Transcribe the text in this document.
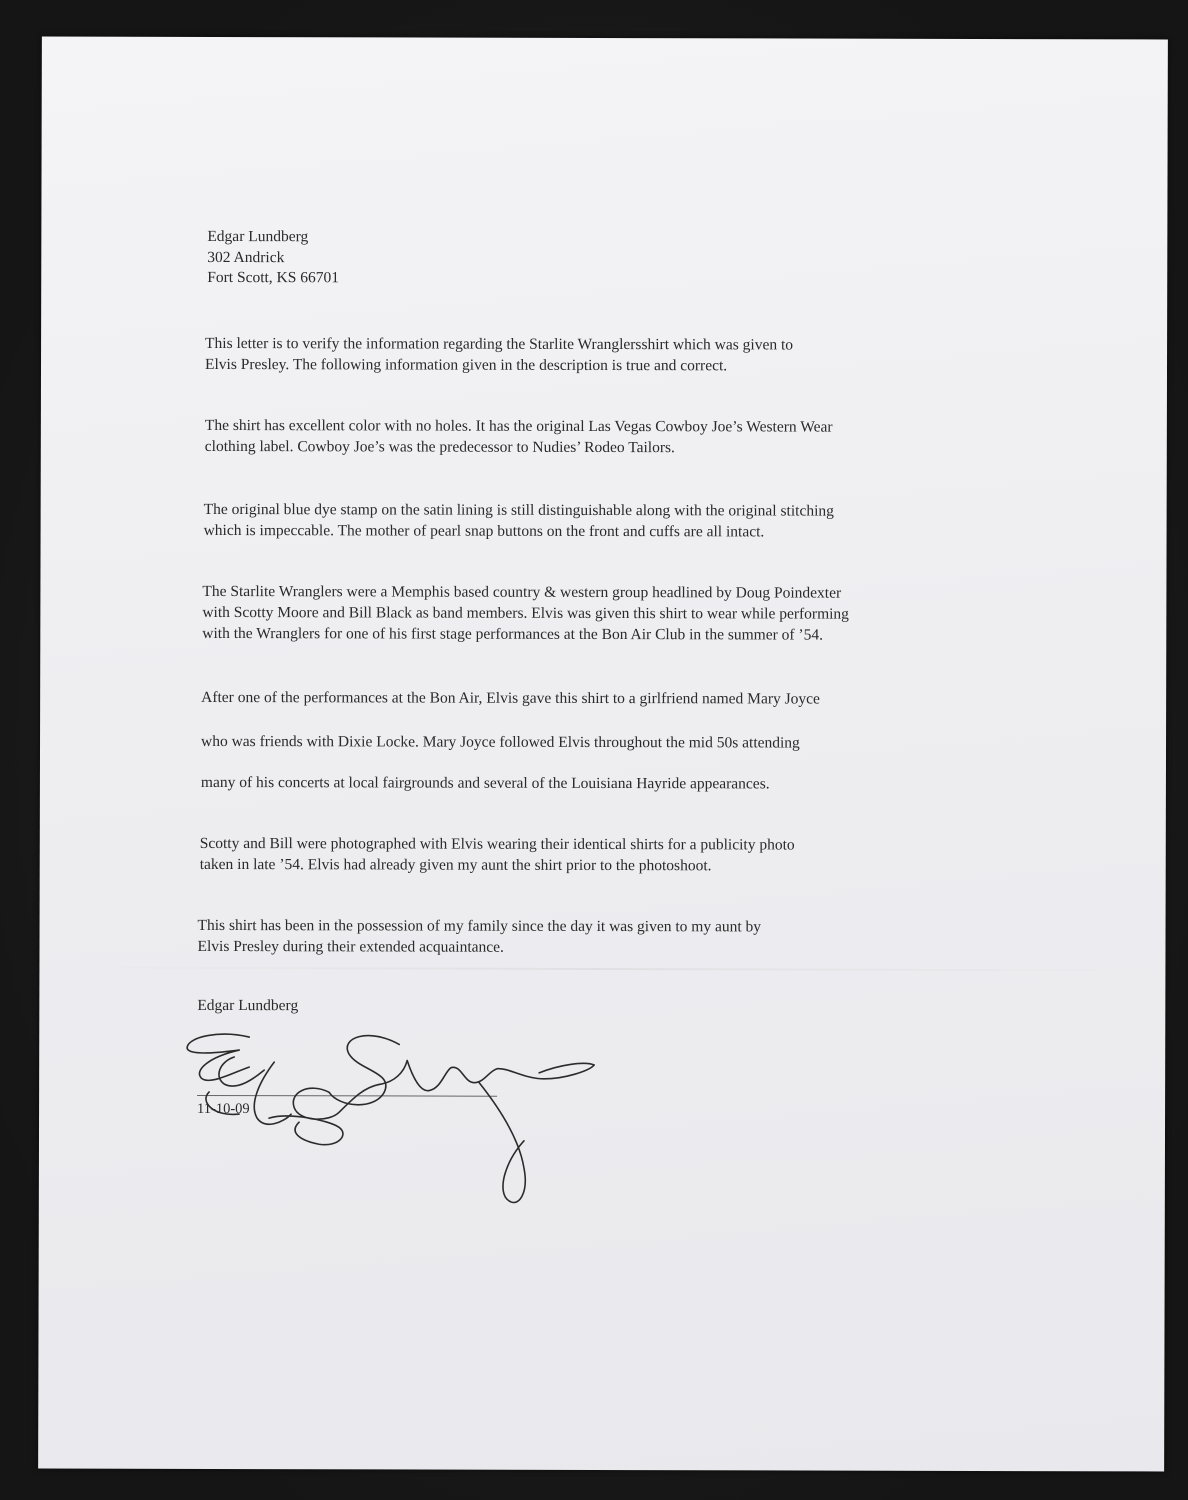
Edgar Lundberg
302 Andrick
Fort Scott, KS 66701
This letter is to verify the information regarding the Starlite Wranglersshirt which was given to
Elvis Presley. The following information given in the description is true and correct.
The shirt has excellent color with no holes. It has the original Las Vegas Cowboy Joe’s Western Wear
clothing label. Cowboy Joe’s was the predecessor to Nudies’ Rodeo Tailors.
The original blue dye stamp on the satin lining is still distinguishable along with the original stitching
which is impeccable. The mother of pearl snap buttons on the front and cuffs are all intact.
The Starlite Wranglers were a Memphis based country & western group headlined by Doug Poindexter
with Scotty Moore and Bill Black as band members. Elvis was given this shirt to wear while performing
with the Wranglers for one of his first stage performances at the Bon Air Club in the summer of ’54.
After one of the performances at the Bon Air, Elvis gave this shirt to a girlfriend named Mary Joyce
who was friends with Dixie Locke. Mary Joyce followed Elvis throughout the mid 50s attending
many of his concerts at local fairgrounds and several of the Louisiana Hayride appearances.
Scotty and Bill were photographed with Elvis wearing their identical shirts for a publicity photo
taken in late ’54. Elvis had already given my aunt the shirt prior to the photoshoot.
This shirt has been in the possession of my family since the day it was given to my aunt by
Elvis Presley during their extended acquaintance.
Edgar Lundberg
11-10-09
